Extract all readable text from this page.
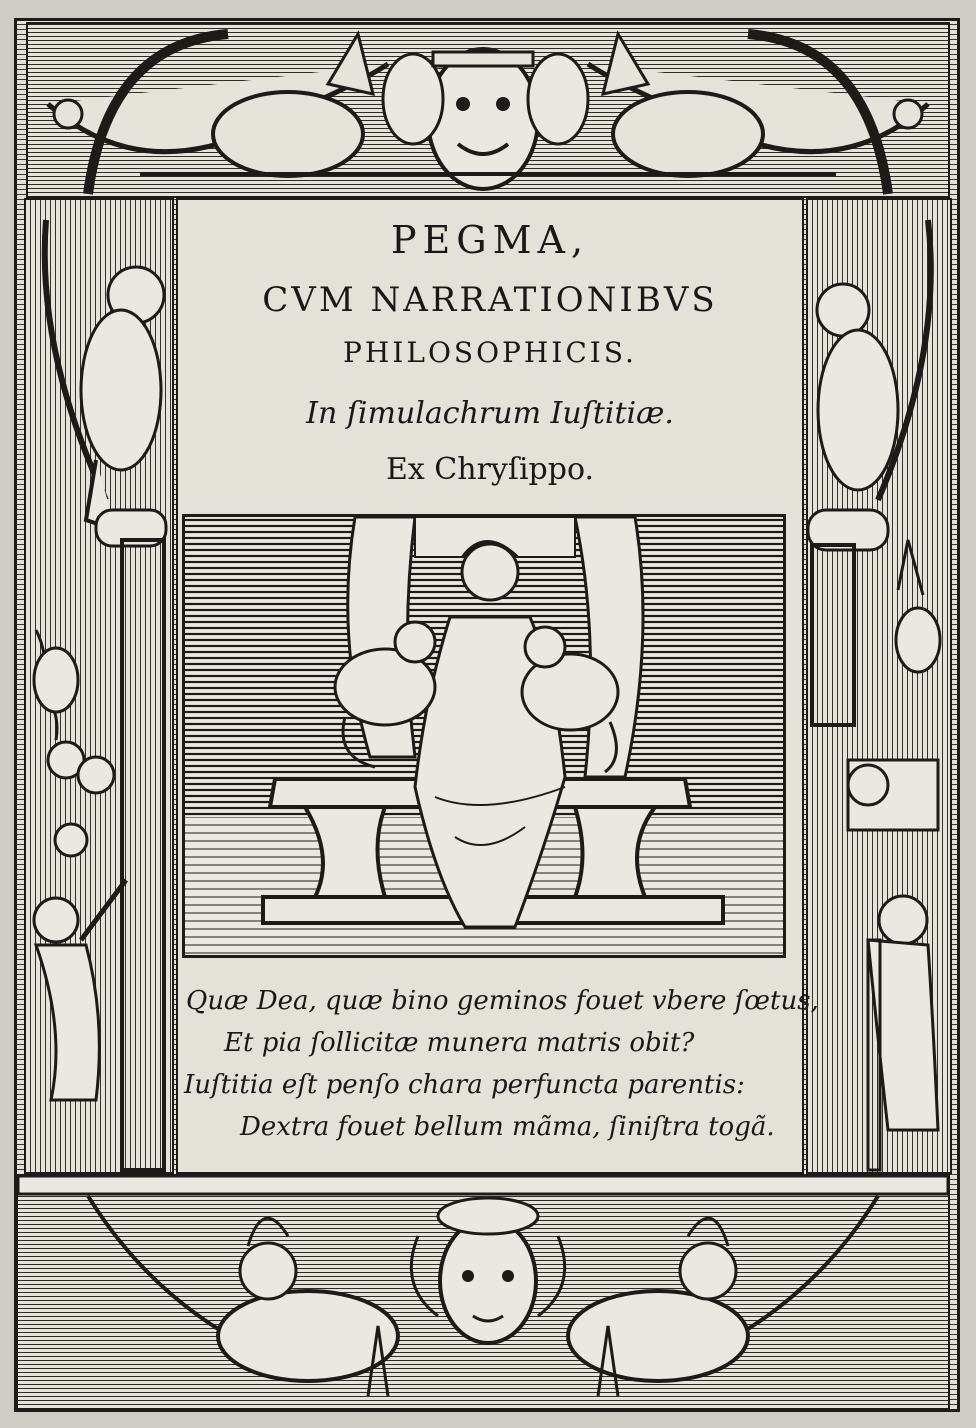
PEGMA,
CVM NARRATIONIBVS
PHILOSOPHICIS.
In ſimulachrum Iuſtitiæ.
Ex Chryſippo.
Quæ Dea, quæ bino geminos fouet vbere ſœtus,
Et pia ſollicitæ munera matris obit?
Iuſtitia eſt penſo chara perfuncta parentis:
Dextra fouet bellum mãma, ſiniſtra togã.
